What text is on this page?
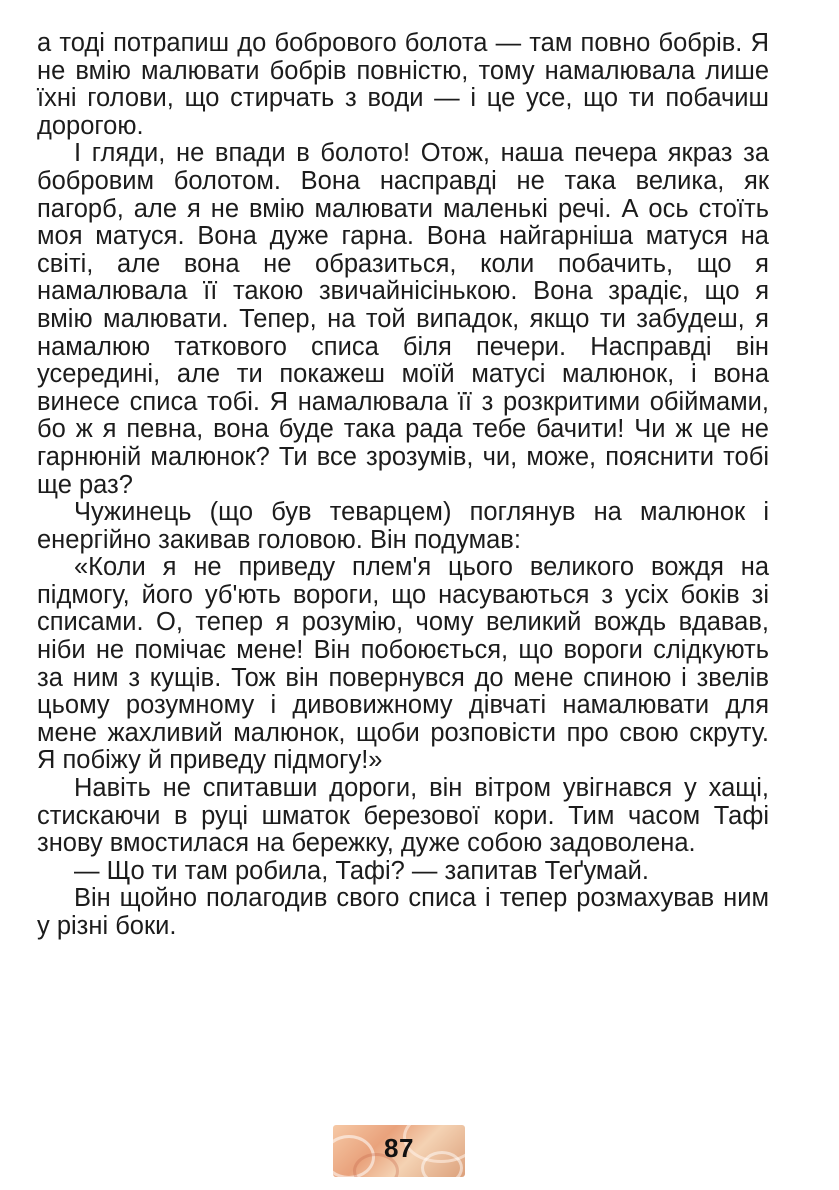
а тоді потрапиш до бобрового болота — там повно бобрів. Я не вмію малювати бобрів повністю, тому намалювала лише їхні голови, що стирчать з води — і це усе, що ти побачиш дорогою.

І гляди, не впади в болото! Отож, наша печера якраз за бобровим болотом. Вона насправді не така велика, як пагорб, але я не вмію малювати маленькі речі. А ось стоїть моя матуся. Вона дуже гарна. Вона найгарніша матуся на світі, але вона не образиться, коли побачить, що я намалювала її такою звичайнісінькою. Вона зрадіє, що я вмію малювати. Тепер, на той випадок, якщо ти забудеш, я намалюю таткового списа біля печери. Насправді він усередині, але ти покажеш моїй матусі малюнок, і вона винесе списа тобі. Я намалювала її з розкритими обіймами, бо ж я певна, вона буде така рада тебе бачити! Чи ж це не гарнюній малюнок? Ти все зрозумів, чи, може, пояснити тобі ще раз?

Чужинець (що був теварцем) поглянув на малюнок і енергійно закивав головою. Він подумав:

«Коли я не приведу плем'я цього великого вождя на підмогу, його уб'ють вороги, що насуваються з усіх боків зі списами. О, тепер я розумію, чому великий вождь вдавав, ніби не помічає мене! Він побоюється, що вороги слідкують за ним з кущів. Тож він повернувся до мене спиною і звелів цьому розумному і дивовижному дівчаті намалювати для мене жахливий малюнок, щоби розповісти про свою скруту. Я побіжу й приведу підмогу!»

Навіть не спитавши дороги, він вітром увігнався у хащі, стискаючи в руці шматок березової кори. Тим часом Тафі знову вмостилася на бережку, дуже собою задоволена.

— Що ти там робила, Тафі? — запитав Теґумай.

Він щойно полагодив свого списа і тепер розмахував ним у різні боки.

87
